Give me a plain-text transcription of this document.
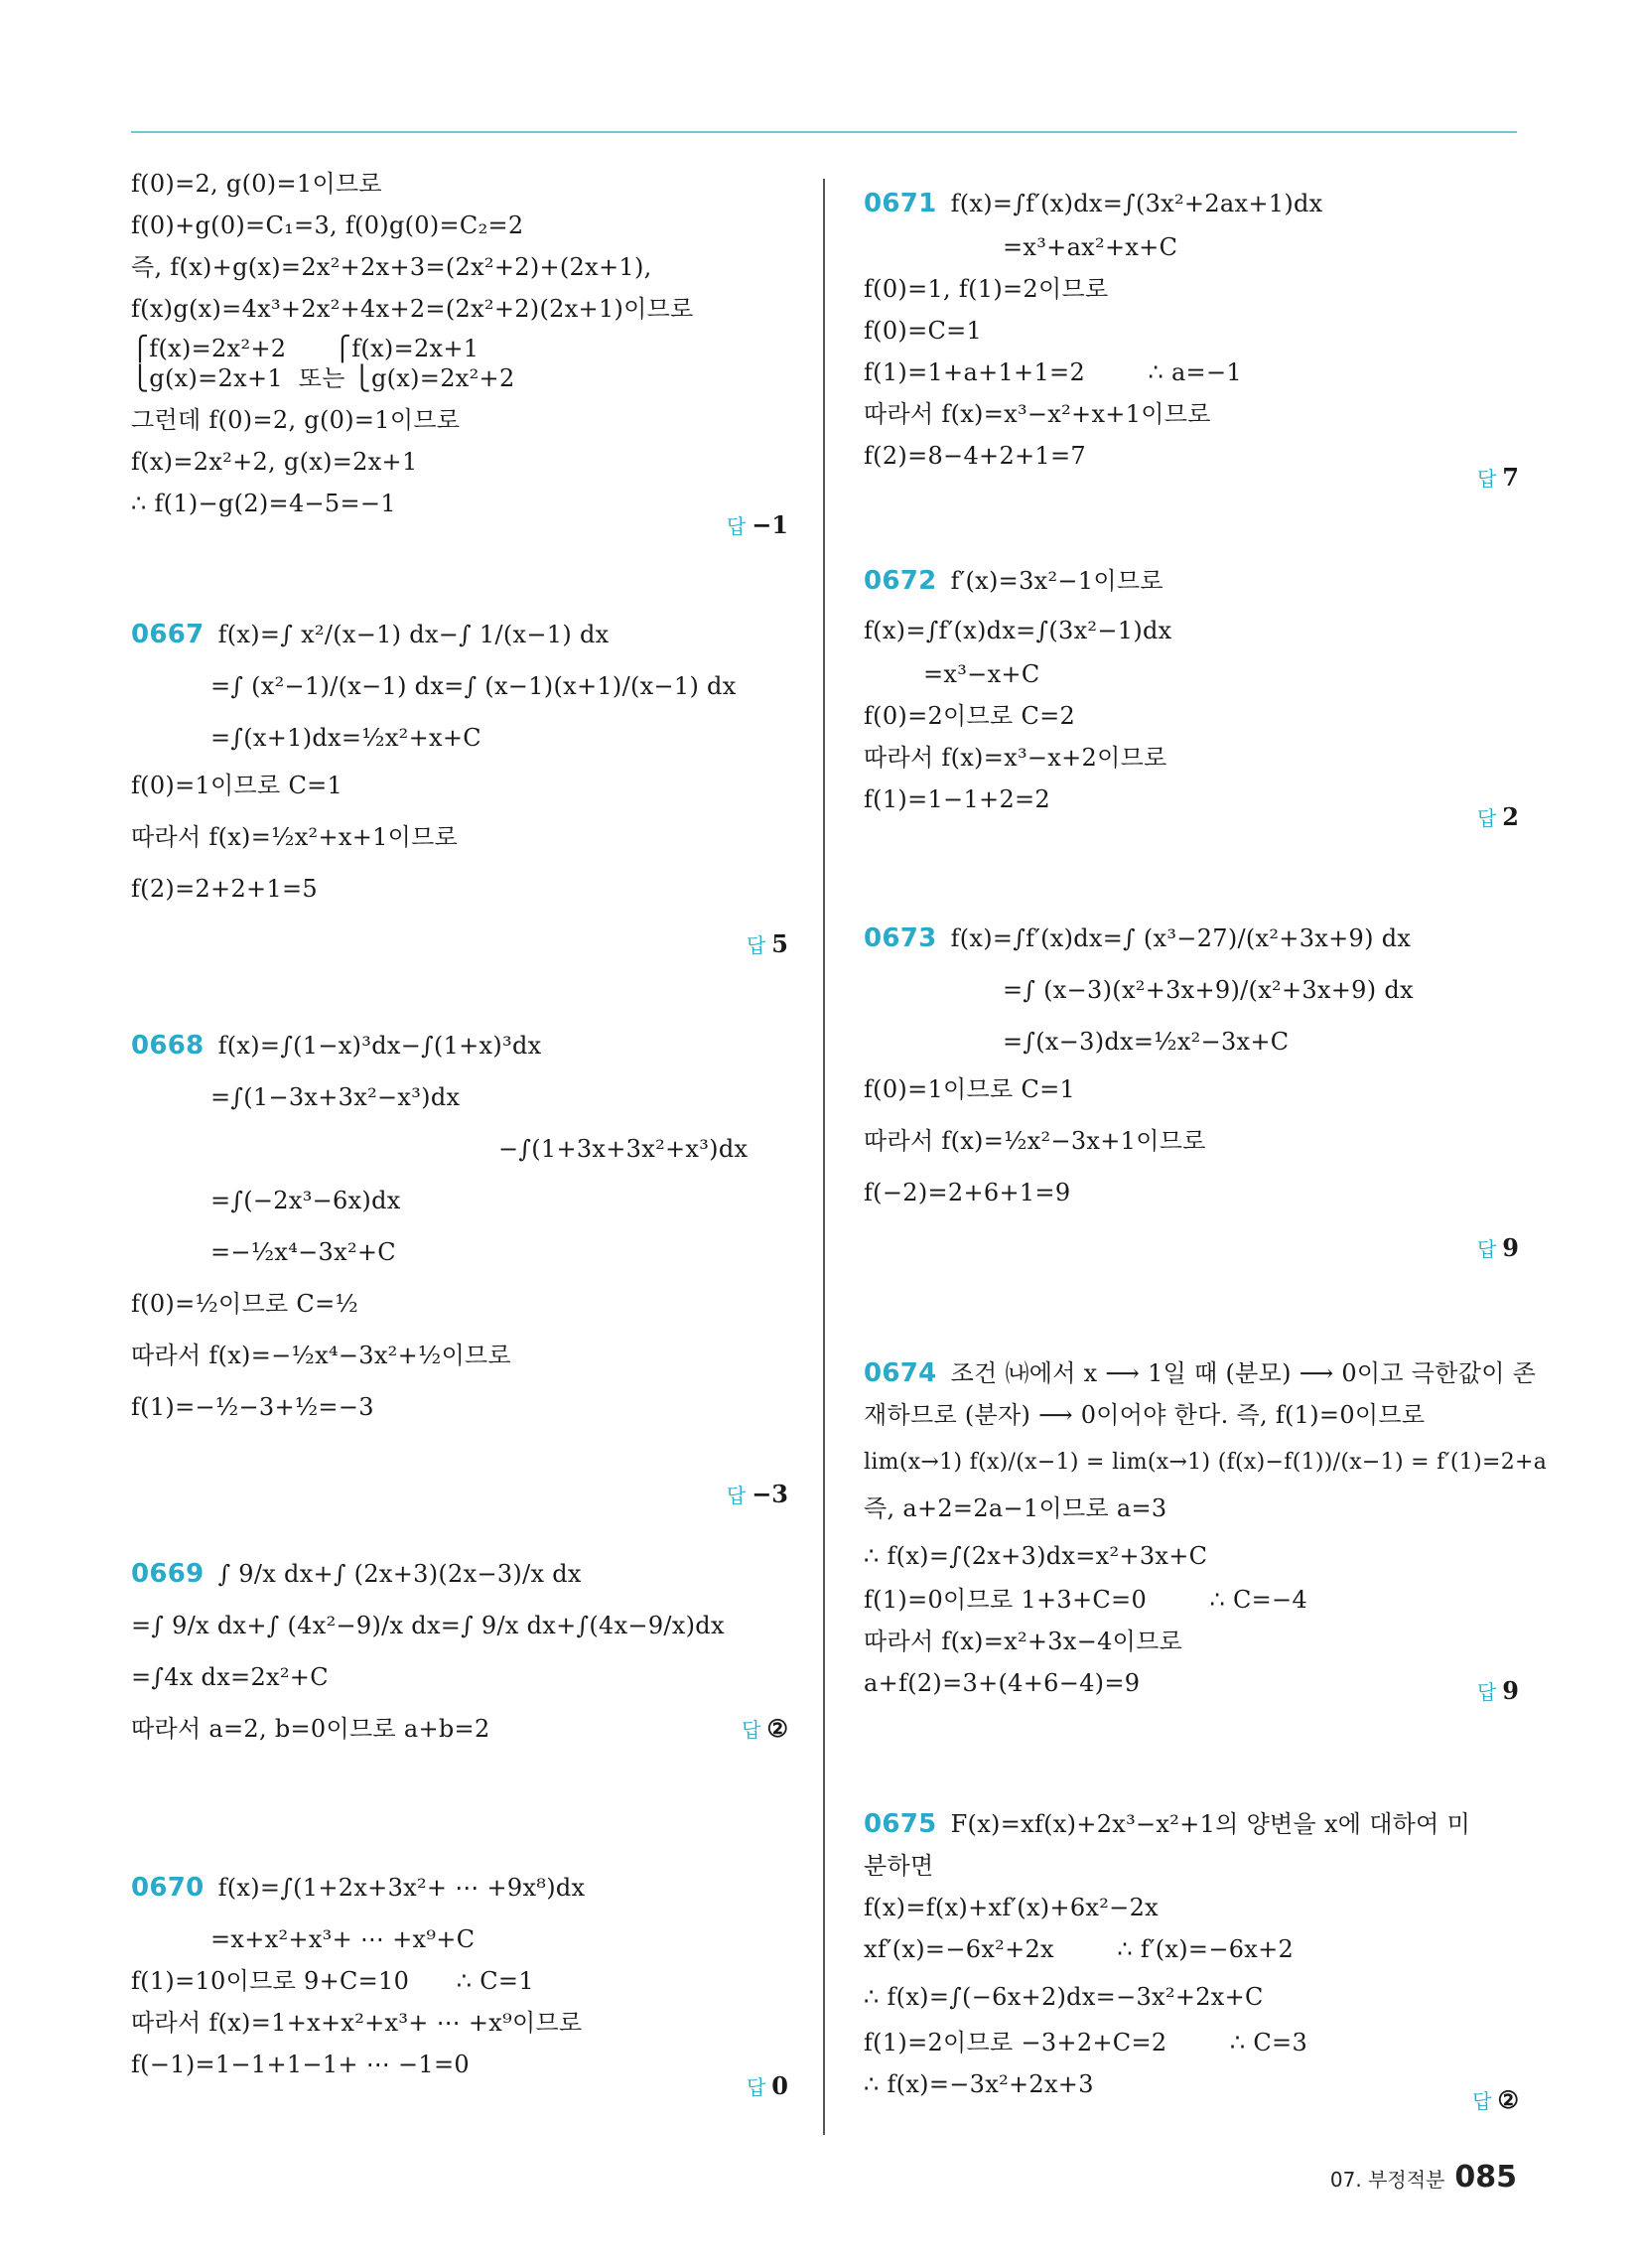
f(0)=2, g(0)=1이므로
f(0)+g(0)=C₁=3, f(0)g(0)=C₂=2
즉, f(x)+g(x)=2x²+2x+3=(2x²+2)+(2x+1),
f(x)g(x)=4x³+2x²+4x+2=(2x²+2)(2x+1)이므로
⎧f(x)=2x²+2      ⎧f(x)=2x+1
⎩g(x)=2x+1  또는 ⎩g(x)=2x²+2
그런데 f(0)=2, g(0)=1이므로
f(x)=2x²+2, g(x)=2x+1
∴ f(1)−g(2)=4−5=−1
답 −1
0667 f(x)=∫ x²/(x−1) dx−∫ 1/(x−1) dx
=∫ (x²−1)/(x−1) dx=∫ (x−1)(x+1)/(x−1) dx
=∫(x+1)dx=½x²+x+C
f(0)=1이므로 C=1
따라서 f(x)=½x²+x+1이므로
f(2)=2+2+1=5
답 5
0668 f(x)=∫(1−x)³dx−∫(1+x)³dx
=∫(1−3x+3x²−x³)dx
−∫(1+3x+3x²+x³)dx
=∫(−2x³−6x)dx
=−½x⁴−3x²+C
f(0)=½이므로 C=½
따라서 f(x)=−½x⁴−3x²+½이므로
f(1)=−½−3+½=−3
답 −3
0669 ∫ 9/x dx+∫ (2x+3)(2x−3)/x dx
=∫ 9/x dx+∫ (4x²−9)/x dx=∫ 9/x dx+∫(4x−9/x)dx
=∫4x dx=2x²+C
따라서 a=2, b=0이므로 a+b=2	답 ②
0670 f(x)=∫(1+2x+3x²+ ⋯ +9x⁸)dx
=x+x²+x³+ ⋯ +x⁹+C
f(1)=10이므로 9+C=10      ∴ C=1
따라서 f(x)=1+x+x²+x³+ ⋯ +x⁹이므로
f(−1)=1−1+1−1+ ⋯ −1=0
답 0
0671 f(x)=∫f′(x)dx=∫(3x²+2ax+1)dx
=x³+ax²+x+C
f(0)=1, f(1)=2이므로
f(0)=C=1
f(1)=1+a+1+1=2        ∴ a=−1
따라서 f(x)=x³−x²+x+1이므로
f(2)=8−4+2+1=7
답 7
0672 f′(x)=3x²−1이므로
f(x)=∫f′(x)dx=∫(3x²−1)dx
=x³−x+C
f(0)=2이므로 C=2
따라서 f(x)=x³−x+2이므로
f(1)=1−1+2=2
답 2
0673 f(x)=∫f′(x)dx=∫ (x³−27)/(x²+3x+9) dx
=∫ (x−3)(x²+3x+9)/(x²+3x+9) dx
=∫(x−3)dx=½x²−3x+C
f(0)=1이므로 C=1
따라서 f(x)=½x²−3x+1이므로
f(−2)=2+6+1=9
답 9
0674 조건 ㈏에서 x ⟶ 1일 때 (분모) ⟶ 0이고 극한값이 존
재하므로 (분자) ⟶ 0이어야 한다. 즉, f(1)=0이므로
lim(x→1) f(x)/(x−1) = lim(x→1) (f(x)−f(1))/(x−1) = f′(1)=2+a
즉, a+2=2a−1이므로 a=3
∴ f(x)=∫(2x+3)dx=x²+3x+C
f(1)=0이므로 1+3+C=0        ∴ C=−4
따라서 f(x)=x²+3x−4이므로
a+f(2)=3+(4+6−4)=9	답 9
0675 F(x)=xf(x)+2x³−x²+1의 양변을 x에 대하여 미
분하면
f(x)=f(x)+xf′(x)+6x²−2x
xf′(x)=−6x²+2x        ∴ f′(x)=−6x+2
∴ f(x)=∫(−6x+2)dx=−3x²+2x+C
f(1)=2이므로 −3+2+C=2        ∴ C=3
∴ f(x)=−3x²+2x+3
답 ②
07. 부정적분 085
